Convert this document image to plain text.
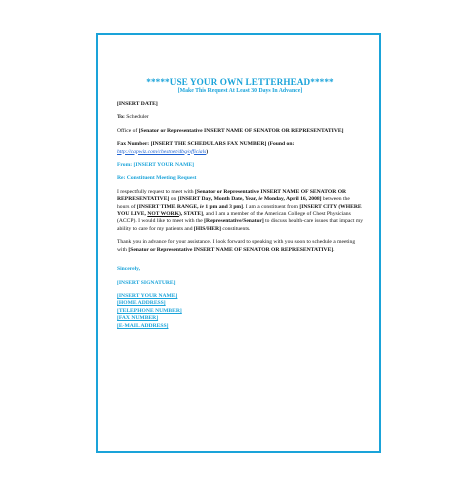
*****USE YOUR OWN LETTERHEAD*****
[Make This Request At Least 30 Days In Advance]
[INSERT DATE]
To: Scheduler
Office of [Senator or Representative INSERT NAME OF SENATOR OR REPRESENTATIVE]
Fax Number: [INSERT THE SCHEDULARS FAX NUMBER] (Found on:
http://capwiz.com/chestnet/dbq/officials)
From: [INSERT YOUR NAME]
Re: Constituent Meeting Request
I respectfully request to meet with [Senator or Representative INSERT NAME OF SENATOR OR REPRESENTATIVE] on [INSERT Day, Month Date, Year, ie Monday, April 16, 2008] between the hours of [INSERT TIME RANGE, ie 1 pm and 3 pm]. I am a constituent from [INSERT CITY (WHERE YOU LIVE, NOT WORK), STATE], and I am a member of the American College of Chest Physicians (ACCP). I would like to meet with the [Representative/Senator] to discuss health-care issues that impact my ability to care for my patients and [HIS/HER] constituents.
Thank you in advance for your assistance. I look forward to speaking with you soon to schedule a meeting with [Senator or Representative INSERT NAME OF SENATOR OR REPRESENTATIVE].
Sincerely,
[INSERT SIGNATURE]
[INSERT YOUR NAME]
[HOME ADDRESS]
[TELEPHONE NUMBER]
[FAX NUMBER]
[E-MAIL ADDRESS]
